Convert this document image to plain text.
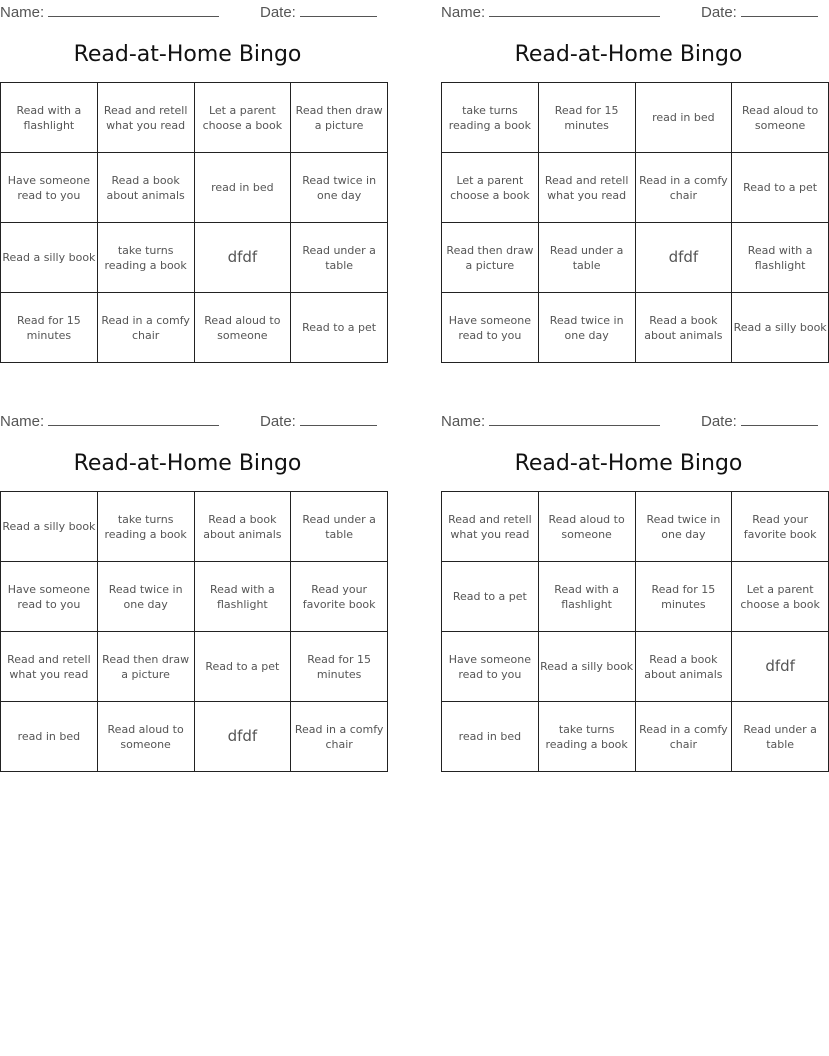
Name:	Date:
Read-at-Home Bingo
Read with a flashlight	Read and retell what you read	Let a parent choose a book	Read then draw a picture
Have someone read to you	Read a book about animals	read in bed	Read twice in one day
Read a silly book	take turns reading a book	dfdf	Read under a table
Read for 15 minutes	Read in a comfy chair	Read aloud to someone	Read to a pet
Name:	Date:
Read-at-Home Bingo
take turns reading a book	Read for 15 minutes	read in bed	Read aloud to someone
Let a parent choose a book	Read and retell what you read	Read in a comfy chair	Read to a pet
Read then draw a picture	Read under a table	dfdf	Read with a flashlight
Have someone read to you	Read twice in one day	Read a book about animals	Read a silly book
Name:	Date:
Read-at-Home Bingo
Read a silly book	take turns reading a book	Read a book about animals	Read under a table
Have someone read to you	Read twice in one day	Read with a flashlight	Read your favorite book
Read and retell what you read	Read then draw a picture	Read to a pet	Read for 15 minutes
read in bed	Read aloud to someone	dfdf	Read in a comfy chair
Name:	Date:
Read-at-Home Bingo
Read and retell what you read	Read aloud to someone	Read twice in one day	Read your favorite book
Read to a pet	Read with a flashlight	Read for 15 minutes	Let a parent choose a book
Have someone read to you	Read a silly book	Read a book about animals	dfdf
read in bed	take turns reading a book	Read in a comfy chair	Read under a table
